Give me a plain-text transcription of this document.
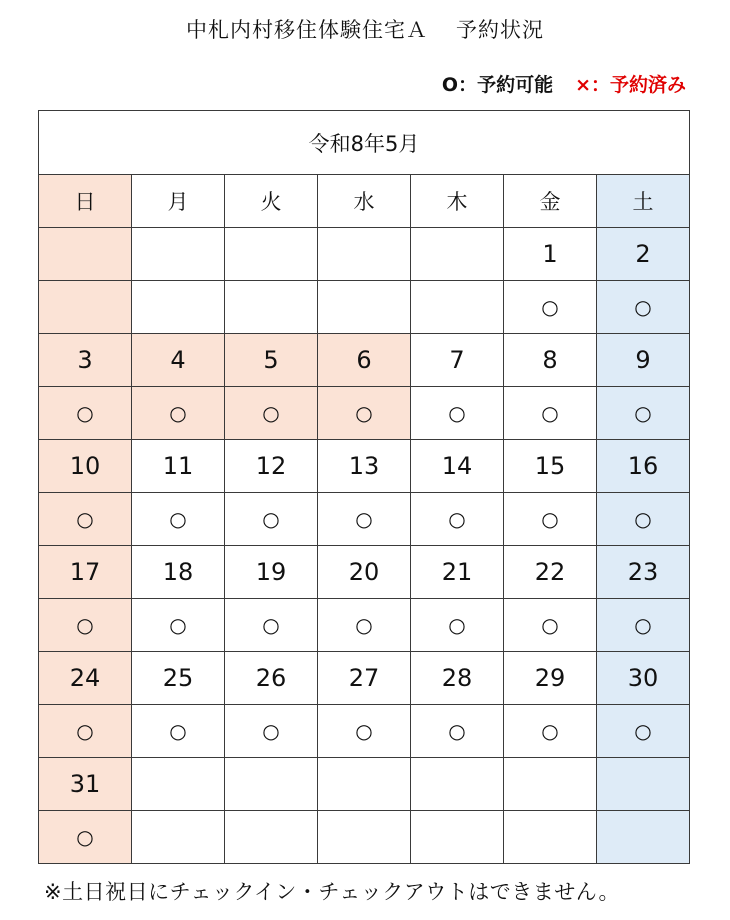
中札内村移住体験住宅Ａ 予約状況
O：予約可能 ×：予約済み
令和8年5月						
日	月	火	水	木	金	土
					1	2
					○	○
3	4	5	6	7	8	9
○	○	○	○	○	○	○
10	11	12	13	14	15	16
○	○	○	○	○	○	○
17	18	19	20	21	22	23
○	○	○	○	○	○	○
24	25	26	27	28	29	30
○	○	○	○	○	○	○
31						
○						
※土日祝日にチェックイン・チェックアウトはできません。
